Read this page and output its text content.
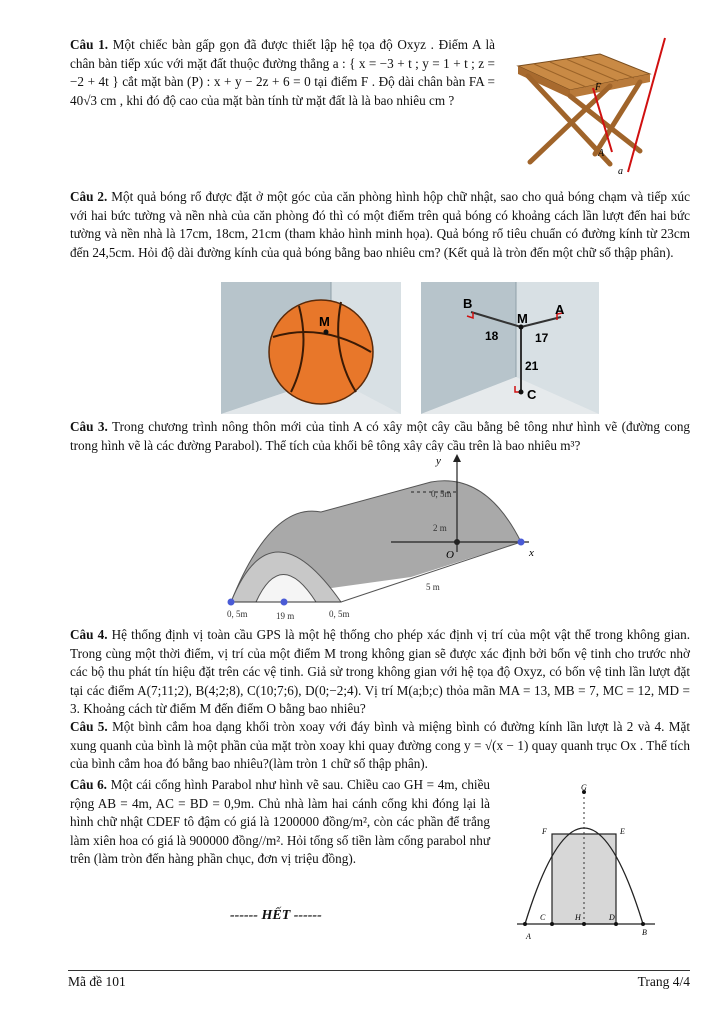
Câu 1. Một chiếc bàn gấp gọn đã được thiết lập hệ tọa độ Oxyz . Điểm A là chân bàn tiếp xúc với mặt đất thuộc đường thẳng a : { x = −3 + t ; y = 1 + t ; z = −2 + 4t } cắt mặt bàn (P) : x + y − 2z + 6 = 0 tại điểm F . Độ dài chân bàn FA = 40√3 cm , khi đó độ cao của mặt bàn tính từ mặt đất là là bao nhiêu cm ?
F
A
a
Câu 2. Một quả bóng rổ được đặt ở một góc của căn phòng hình hộp chữ nhật, sao cho quả bóng chạm và tiếp xúc với hai bức tường và nền nhà của căn phòng đó thì có một điểm trên quả bóng có khoảng cách lần lượt đến hai bức tường và nền nhà là 17cm, 18cm, 21cm (tham khảo hình minh họa). Quả bóng rổ tiêu chuẩn có đường kính từ 23cm đến 24,5cm. Hỏi độ dài đường kính của quả bóng bằng bao nhiêu cm? (Kết quả là tròn đến một chữ số thập phân).
M
B	A
M
C
18	17
21
Câu 3. Trong chương trình nông thôn mới của tỉnh A có xây một cây cầu bằng bê tông như hình vẽ (đường cong trong hình vẽ là các đường Parabol). Thể tích của khối bê tông xây cây cầu trên là bao nhiêu m³?
y
x
O
0, 5m
2 m
5 m
0, 5m	19 m	0, 5m
Câu 4. Hệ thống định vị toàn cầu GPS là một hệ thống cho phép xác định vị trí của một vật thể trong không gian. Trong cùng một thời điểm, vị trí của một điểm M trong không gian sẽ được xác định bởi bốn vệ tinh cho trước nhờ các bộ thu phát tín hiệu đặt trên các vệ tinh. Giả sử trong không gian với hệ tọa độ Oxyz, có bốn vệ tinh lần lượt đặt tại các điểm A(7;11;2), B(4;2;8), C(10;7;6), D(0;−2;4). Vị trí M(a;b;c) thỏa mãn MA = 13, MB = 7, MC = 12, MD = 3. Khoảng cách từ điểm M đến điểm O bằng bao nhiêu?
Câu 5. Một bình cắm hoa dạng khối tròn xoay với đáy bình và miệng bình có đường kính lần lượt là 2 và 4. Mặt xung quanh của bình là một phần của mặt tròn xoay khi quay đường cong y = √(x − 1) quay quanh trục Ox . Thể tích của bình cắm hoa đó bằng bao nhiêu?(làm tròn 1 chữ số thập phân).
Câu 6. Một cái cổng hình Parabol như hình vẽ sau. Chiều cao GH = 4m, chiều rộng AB = 4m, AC = BD = 0,9m. Chủ nhà làm hai cánh cổng khi đóng lại là hình chữ nhật CDEF tô đậm có giá là 1200000 đồng/m², còn các phần để trắng làm xiên hoa có giá là 900000 đồng//m². Hỏi tổng số tiền làm cổng parabol như trên (làm tròn đến hàng phần chục, đơn vị triệu đồng).
G
F	E
C	H	D
A	B
------ HẾT ------
Mã đề 101	Trang 4/4
